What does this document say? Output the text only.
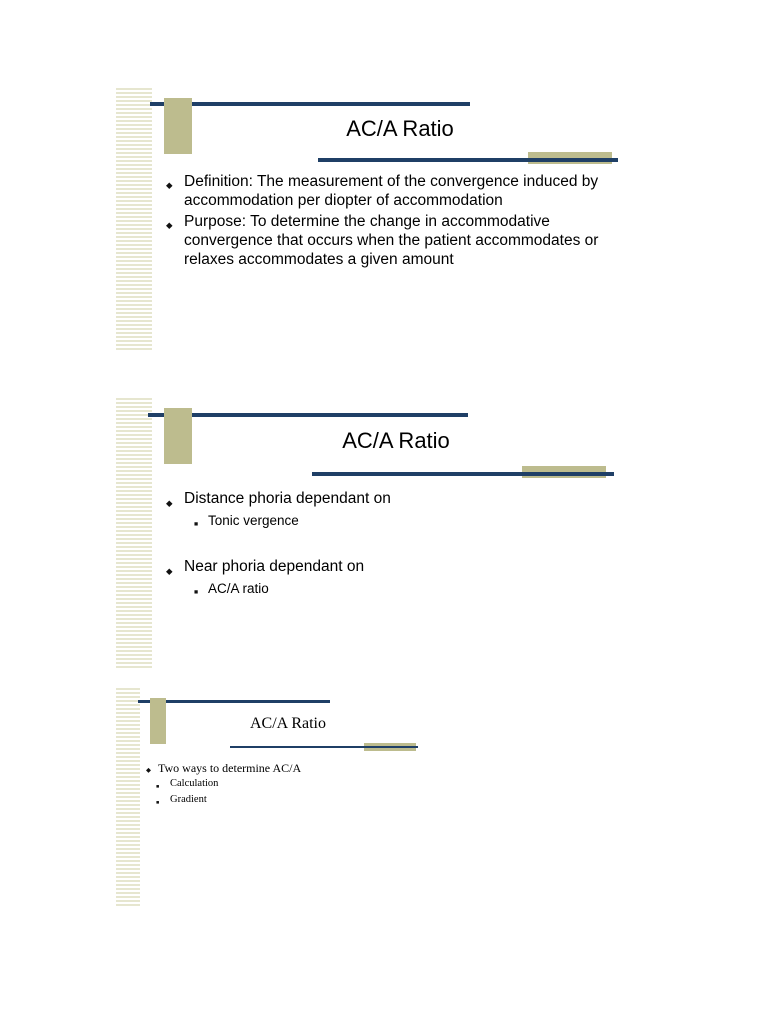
AC/A Ratio
◆ Definition: The measurement of the convergence induced by accommodation per diopter of accommodation
◆ Purpose: To determine the change in accommodative convergence that occurs when the patient accommodates or relaxes accommodates a given amount
AC/A Ratio
◆ Distance phoria dependant on
■ Tonic vergence
◆ Near phoria dependant on
■ AC/A ratio
AC/A Ratio
◆ Two ways to determine AC/A
■ Calculation
■ Gradient
